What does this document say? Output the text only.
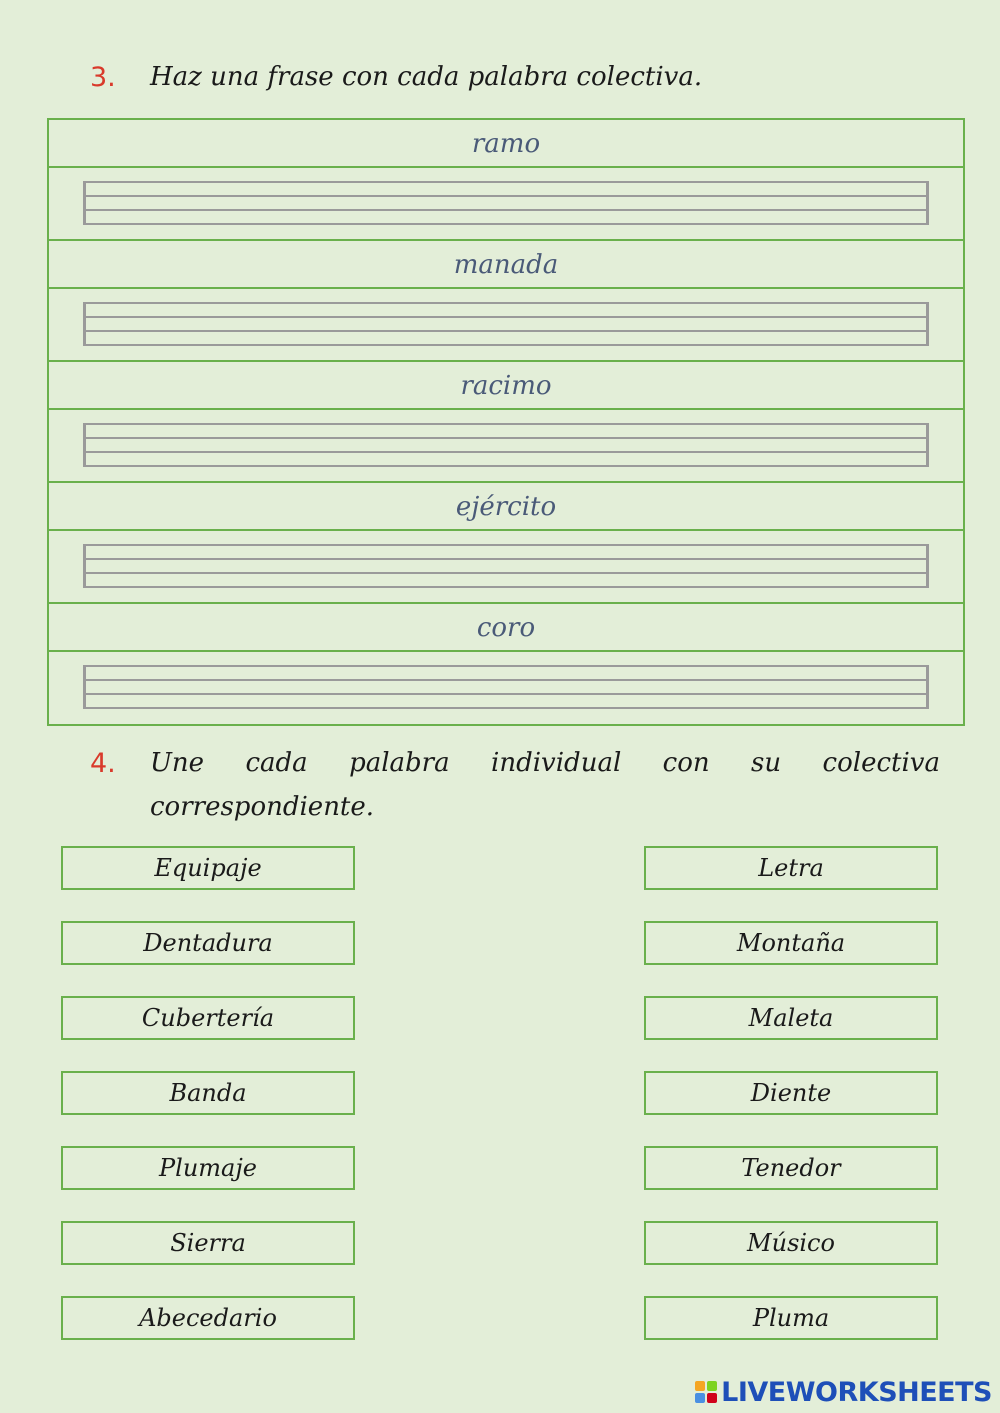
3. Haz una frase con cada palabra colectiva.
ramo
manada
racimo
ejército
coro
4. Une cada palabra individual con su colectiva
correspondiente.
Equipaje
Dentadura
Cubertería
Banda
Plumaje
Sierra
Abecedario
Letra
Montaña
Maleta
Diente
Tenedor
Músico
Pluma
LIVEWORKSHEETS
